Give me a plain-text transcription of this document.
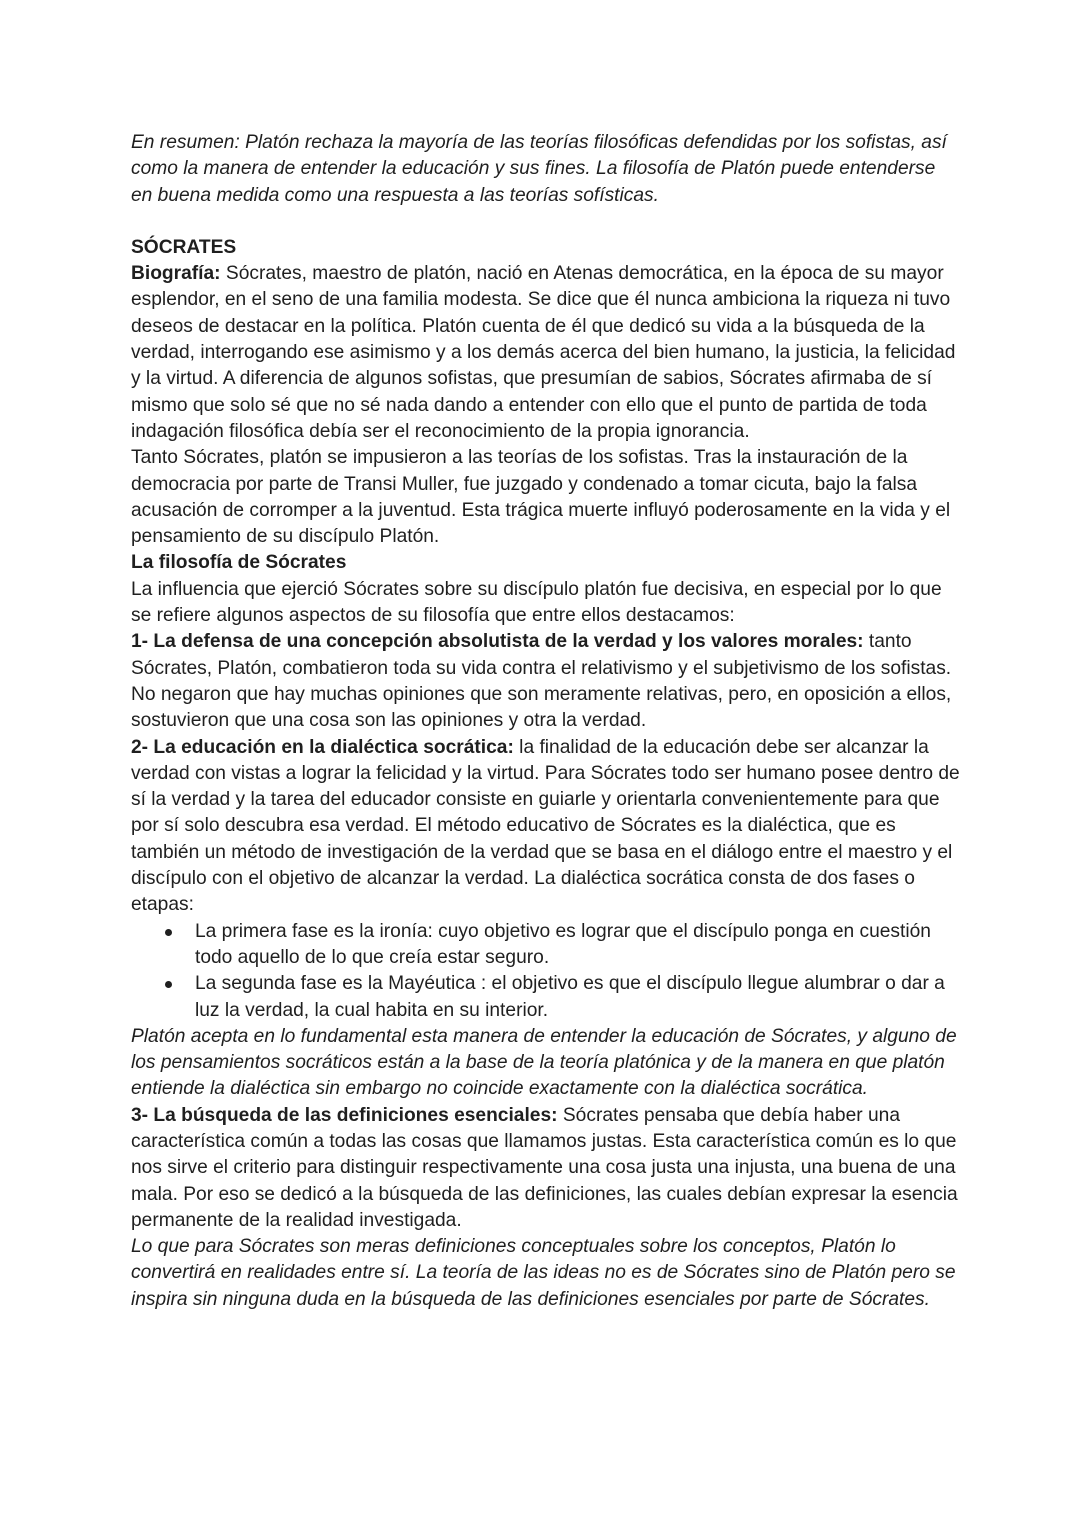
En resumen: Platón rechaza la mayoría de las teorías filosóficas defendidas por los sofistas, así como la manera de entender la educación y sus fines. La filosofía de Platón puede entenderse en buena medida como una respuesta a las teorías sofísticas.

SÓCRATES

Biografía: Sócrates, maestro de platón, nació en Atenas democrática, en la época de su mayor esplendor, en el seno de una familia modesta. Se dice que él nunca ambiciona la riqueza ni tuvo deseos de destacar en la política. Platón cuenta de él que dedicó su vida a la búsqueda de la verdad, interrogando ese asimismo y a los demás acerca del bien humano, la justicia, la felicidad y la virtud. A diferencia de algunos sofistas, que presumían de sabios, Sócrates afirmaba de sí mismo que solo sé que no sé nada dando a entender con ello que el punto de partida de toda indagación filosófica debía ser el reconocimiento de la propia ignorancia.

Tanto Sócrates, platón se impusieron a las teorías de los sofistas. Tras la instauración de la democracia por parte de Transi Muller, fue juzgado y condenado a tomar cicuta, bajo la falsa acusación de corromper a la juventud. Esta trágica muerte influyó poderosamente en la vida y el pensamiento de su discípulo Platón.

La filosofía de Sócrates

La influencia que ejerció Sócrates sobre su discípulo platón fue decisiva, en especial por lo que se refiere algunos aspectos de su filosofía que entre ellos destacamos:

1- La defensa de una concepción absolutista de la verdad y los valores morales: tanto Sócrates, Platón, combatieron toda su vida contra el relativismo y el subjetivismo de los sofistas. No negaron que hay muchas opiniones que son meramente relativas, pero, en oposición a ellos, sostuvieron que una cosa son las opiniones y otra la verdad.

2- La educación en la dialéctica socrática: la finalidad de la educación debe ser alcanzar la verdad con vistas a lograr la felicidad y la virtud. Para Sócrates todo ser humano posee dentro de sí la verdad y la tarea del educador consiste en guiarle y orientarla convenientemente para que por sí solo descubra esa verdad. El método educativo de Sócrates es la dialéctica, que es también un método de investigación de la verdad que se basa en el diálogo entre el maestro y el discípulo con el objetivo de alcanzar la verdad. La dialéctica socrática consta de dos fases o etapas:

La primera fase es la ironía: cuyo objetivo es lograr que el discípulo ponga en cuestión todo aquello de lo que creía estar seguro.
La segunda fase es la Mayéutica : el objetivo es que el discípulo llegue alumbrar o dar a luz la verdad, la cual habita en su interior.

Platón acepta en lo fundamental esta manera de entender la educación de Sócrates, y alguno de los pensamientos socráticos están a la base de la teoría platónica y de la manera en que platón entiende la dialéctica sin embargo no coincide exactamente con la dialéctica socrática.

3- La búsqueda de las definiciones esenciales: Sócrates pensaba que debía haber una característica común a todas las cosas que llamamos justas. Esta característica común es lo que nos sirve el criterio para distinguir respectivamente una cosa justa una injusta, una buena de una mala. Por eso se dedicó a la búsqueda de las definiciones, las cuales debían expresar la esencia permanente de la realidad investigada.

Lo que para Sócrates son meras definiciones conceptuales sobre los conceptos, Platón lo convertirá en realidades entre sí. La teoría de las ideas no es de Sócrates sino de Platón pero se inspira sin ninguna duda en la búsqueda de las definiciones esenciales por parte de Sócrates.
